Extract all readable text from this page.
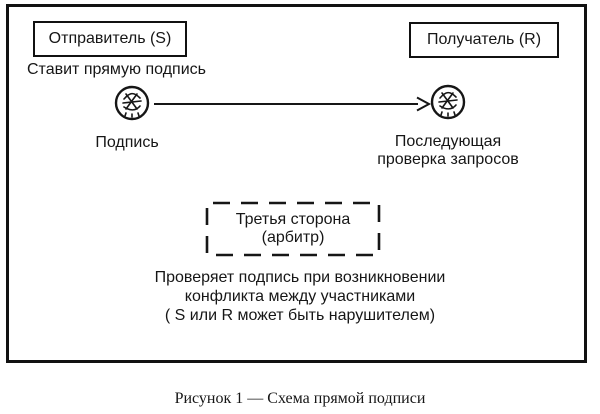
Отправитель (S)	Получатель (R)
Ставит прямую подпись
Подпись	Последующая
проверка запросов
Третья сторона
(арбитр)
Проверяет подпись при возникновении
конфликта между участниками
( S или R может быть нарушителем)
Рисунок 1 — Схема прямой подписи
